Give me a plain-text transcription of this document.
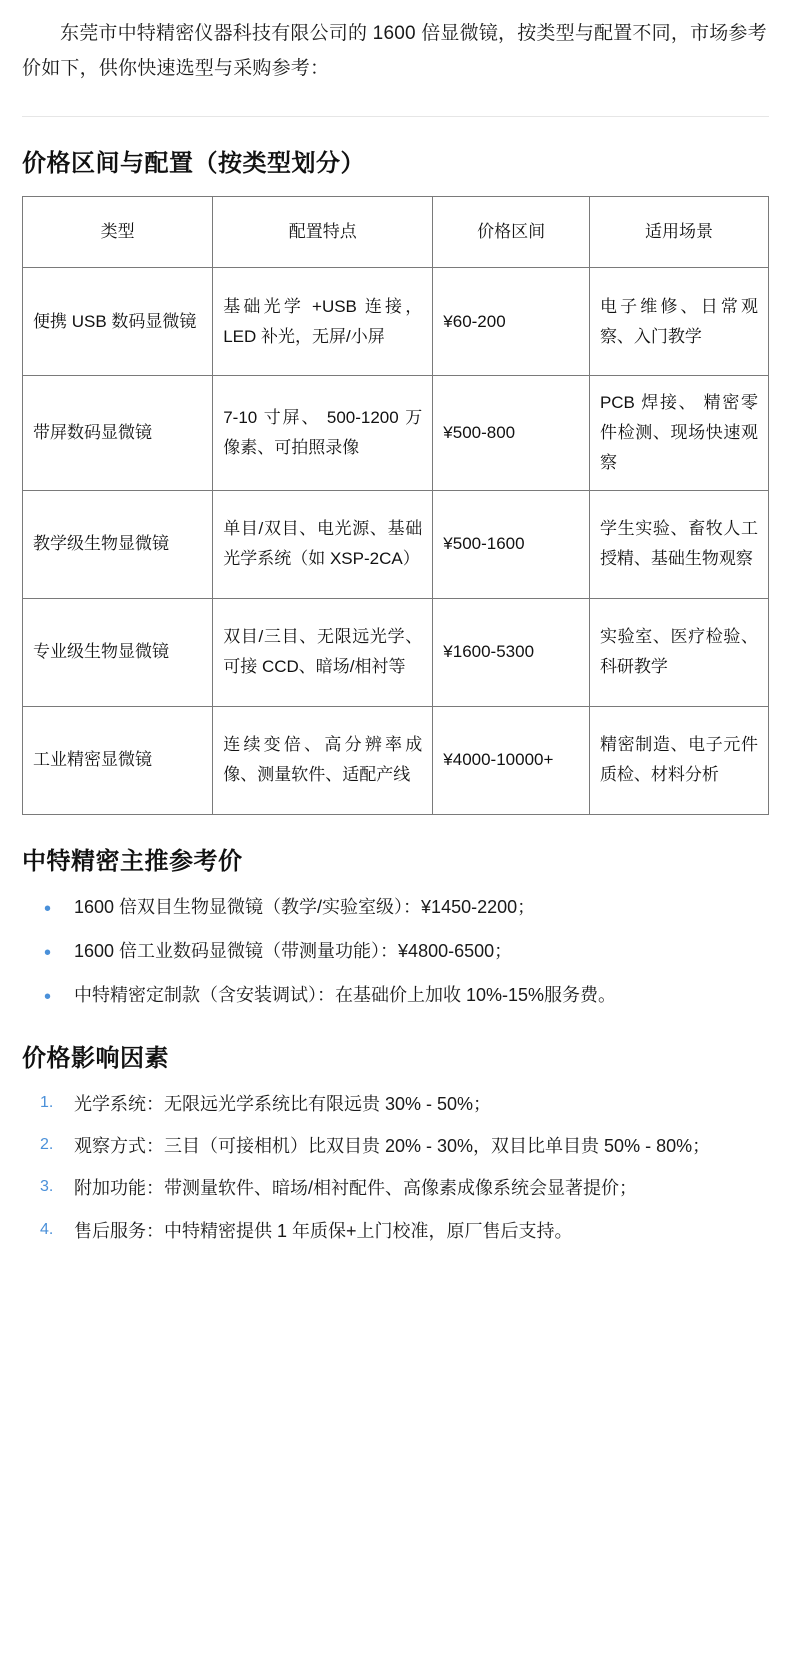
东莞市中特精密仪器科技有限公司的 1600 倍显微镜，按类型与配置不同，市场参考价如下，供你快速选型与采购参考：

价格区间与配置（按类型划分）
类型	配置特点	价格区间	适用场景
便携 USB 数码显微镜	基础光学 +USB 连接，LED 补光，无屏/小屏	¥60-200	电子维修、日常观察、入门教学
带屏数码显微镜	7-10 寸屏、 500-1200 万像素、可拍照录像	¥500-800	PCB 焊接、 精密零件检测、现场快速观察
教学级生物显微镜	单目/双目、电光源、基础光学系统（如 XSP-2CA）	¥500-1600	学生实验、畜牧人工授精、基础生物观察
专业级生物显微镜	双目/三目、无限远光学、可接 CCD、暗场/相衬等	¥1600-5300	实验室、医疗检验、科研教学
工业精密显微镜	连续变倍、高分辨率成像、测量软件、适配产线	¥4000-10000+	精密制造、电子元件质检、材料分析
中特精密主推参考价
• 1600 倍双目生物显微镜（教学/实验室级）：¥1450-2200；
• 1600 倍工业数码显微镜（带测量功能）：¥4800-6500；
• 中特精密定制款（含安装调试）：在基础价上加收 10%-15%服务费。
价格影响因素
光学系统：无限远光学系统比有限远贵 30% - 50%；
观察方式：三目（可接相机）比双目贵 20% - 30%，双目比单目贵 50% - 80%；
附加功能：带测量软件、暗场/相衬配件、高像素成像系统会显著提价；
售后服务：中特精密提供 1 年质保+上门校准，原厂售后支持。
